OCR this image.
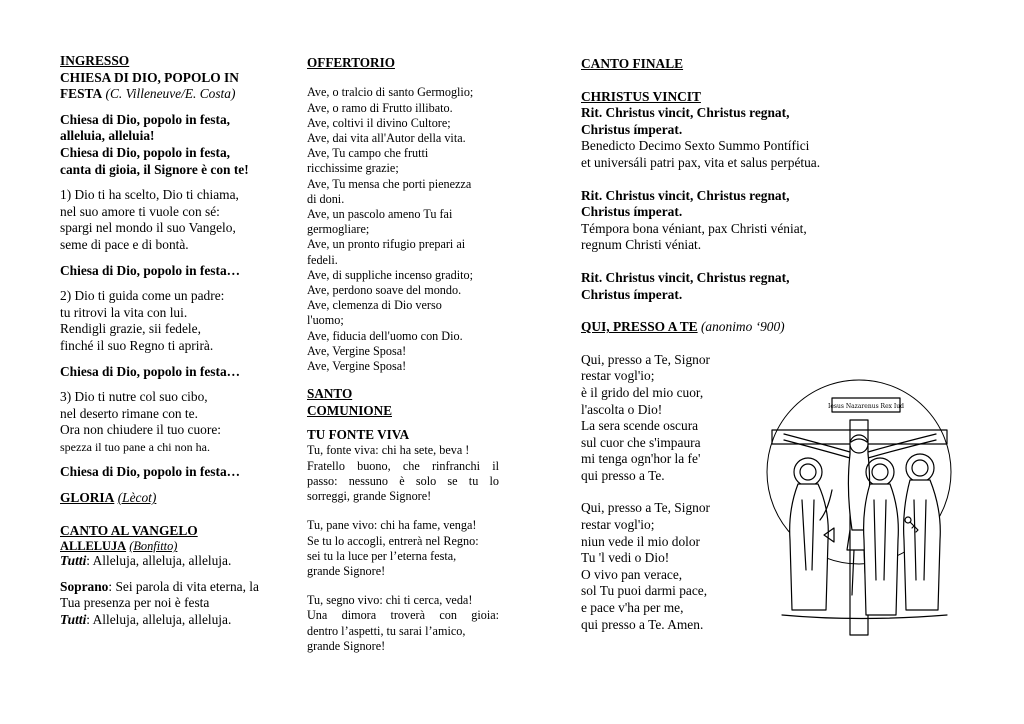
INGRESSO

CHIESA DI DIO, POPOLO IN

FESTA (C. Villeneuve/E. Costa)

Chiesa di Dio, popolo in festa,

alleluia, alleluia!

Chiesa di Dio, popolo in festa,

canta di gioia, il Signore è con te!

1) Dio ti ha scelto, Dio ti chiama,

nel suo amore ti vuole con sé:

spargi nel mondo il suo Vangelo,

seme di pace e di bontà.

Chiesa di Dio, popolo in festa…

2) Dio ti guida come un padre:

tu ritrovi la vita con lui.

Rendigli grazie, sii fedele,

finché il suo Regno ti aprirà.

Chiesa di Dio, popolo in festa…

3) Dio ti nutre col suo cibo,

nel deserto rimane con te.

Ora non chiudere il tuo cuore:

spezza il tuo pane a chi non ha.

Chiesa di Dio, popolo in festa…

GLORIA (Lècot)

CANTO AL VANGELO

ALLELUJA (Bonfitto)

Tutti: Alleluja, alleluja, alleluja.

Soprano: Sei parola di vita eterna, la

Tua presenza per noi è festa

Tutti: Alleluja, alleluja, alleluja.

OFFERTORIO

Ave, o tralcio di santo Germoglio;
Ave, o ramo di Frutto illibato.
Ave, coltivi il divino Cultore;
Ave, dai vita all'Autor della vita.
Ave, Tu campo che frutti
ricchissime grazie;
Ave, Tu mensa che porti pienezza
di doni.
Ave, un pascolo ameno Tu fai
germogliare;
Ave, un pronto rifugio prepari ai
fedeli.
Ave, di suppliche incenso gradito;
Ave, perdono soave del mondo.
Ave, clemenza di Dio verso
l'uomo;
Ave, fiducia dell'uomo con Dio.
Ave, Vergine Sposa!
Ave, Vergine Sposa!

SANTO

COMUNIONE

TU FONTE VIVA

Tu, fonte viva: chi ha sete, beva !
Fratello buono, che rinfranchi il
passo: nessuno è solo se tu lo
sorreggi, grande Signore!
Tu, pane vivo: chi ha fame, venga!
Se tu lo accogli, entrerà nel Regno:
sei tu la luce per l’eterna festa,
grande Signore!
Tu, segno vivo: chi ti cerca, veda!
Una dimora troverà con gioia:
dentro l’aspetti, tu sarai l’amico,
grande Signore!

CANTO FINALE

CHRISTUS VINCIT

Rit. Christus vincit, Christus regnat,

Christus ímperat.

Benedicto Decimo Sexto Summo Pontífici

et universáli patri pax, vita et salus perpétua.

Rit. Christus vincit, Christus regnat,

Christus ímperat.

Témpora bona véniant, pax Christi véniat,

regnum Christi véniat.

Rit. Christus vincit, Christus regnat,

Christus ímperat.

QUI, PRESSO A TE (anonimo ‘900)

Qui, presso a Te, Signor
restar vogl'io;
è il grido del mio cuor,
l'ascolta o Dio!
La sera scende oscura
sul cuor che s'impaura
mi tenga ogn'hor la fe'
qui presso a Te.
Qui, presso a Te, Signor
restar vogl'io;
niun vede il mio dolor
Tu 'l vedi o Dio!
O vivo pan verace,
sol Tu puoi darmi pace,
e pace v'ha per me,
qui presso a Te. Amen.
Iesus Nazarenus Rex Iud
